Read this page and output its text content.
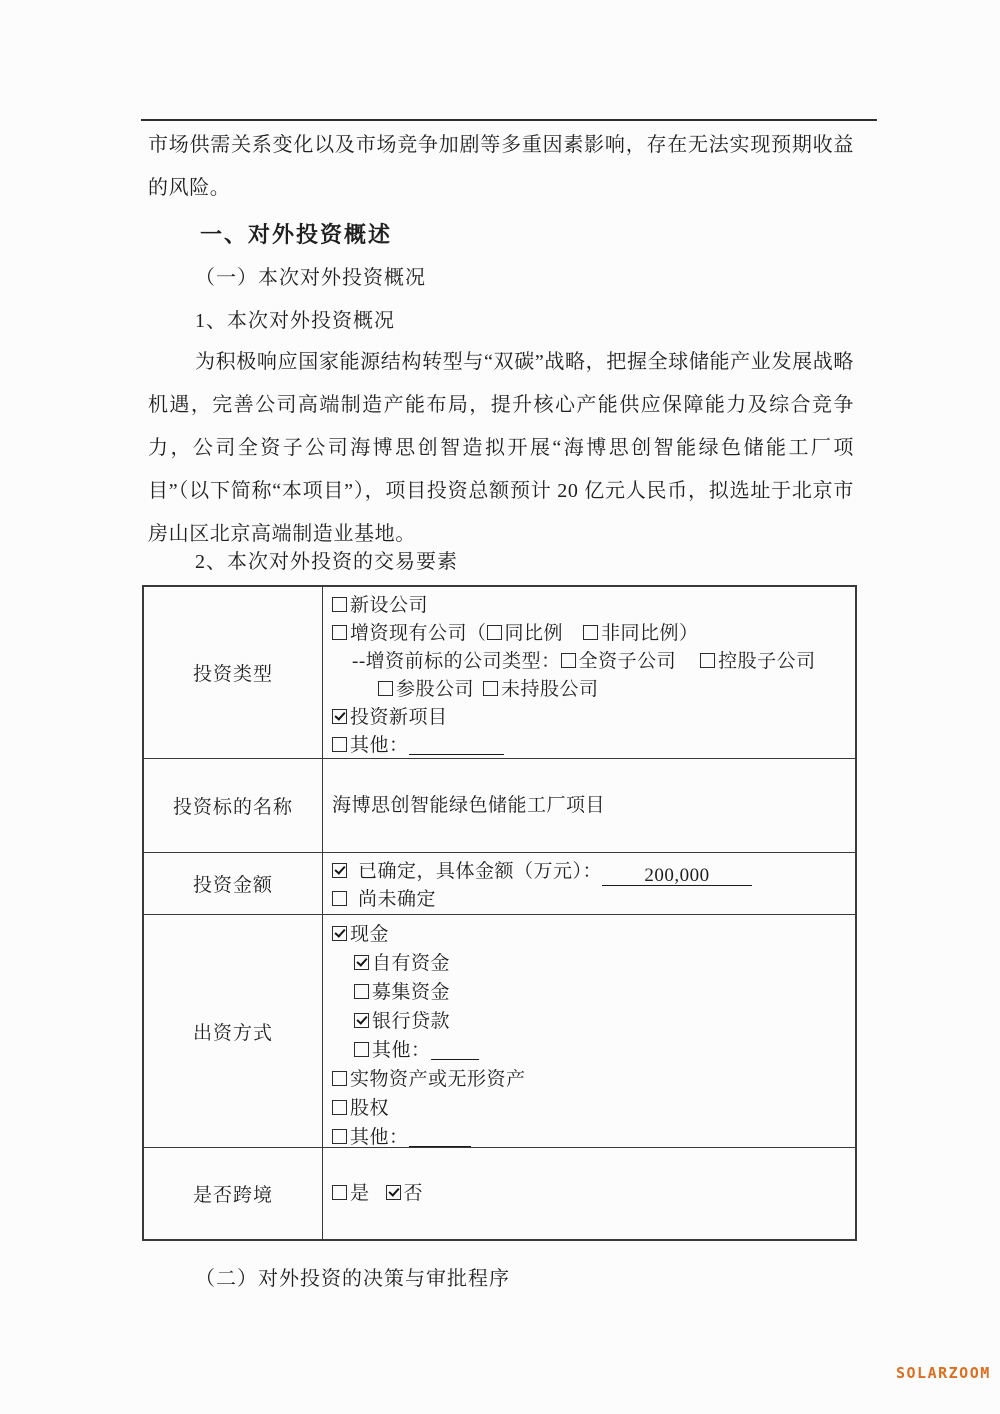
市场供需关系变化以及市场竞争加剧等多重因素影响，存在无法实现预期收益的风险。

一、对外投资概述
（一）本次对外投资概况
1、本次对外投资概况

为积极响应国家能源结构转型与“双碳”战略，把握全球储能产业发展战略机遇，完善公司高端制造产能布局，提升核心产能供应保障能力及综合竞争力，公司全资子公司海博思创智造拟开展“海博思创智能绿色储能工厂项目”（以下简称“本项目”），项目投资总额预计 20 亿元人民币，拟选址于北京市房山区北京高端制造业基地。

2、本次对外投资的交易要素
投资类型
新设公司
增资现有公司（ 同比例 非同比例）
--增资前标的公司类型： 全资子公司 控股子公司
参股公司 未持股公司
投资新项目
其他：
投资标的名称	海博思创智能绿色储能工厂项目
投资金额
已确定，具体金额（万元）： 200,000
尚未确定
出资方式
现金
自有资金
募集资金
银行贷款
其他：
实物资产或无形资产
股权
其他：
是否跨境	是 否
（二）对外投资的决策与审批程序
SOLARZOOM
